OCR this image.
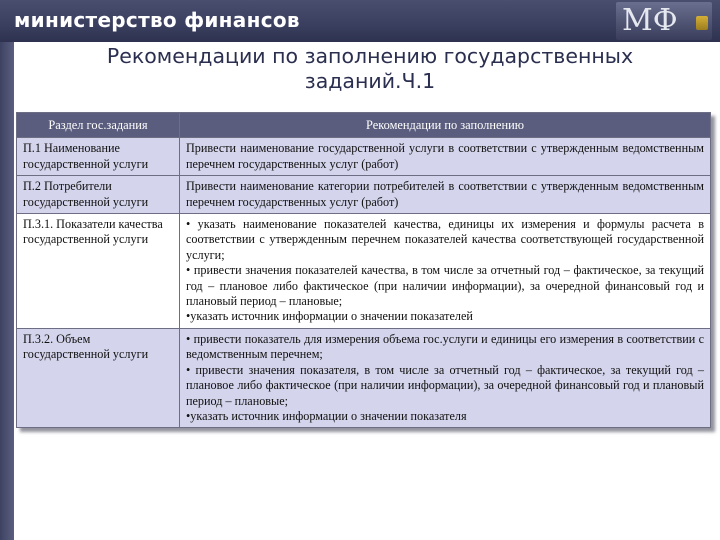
министерство финансов	МФ
Рекомендации по заполнению государственных заданий.Ч.1
Раздел гос.задания	Рекомендации по заполнению
П.1 Наименование государственной услуги	Привести наименование государственной услуги в соответствии с утвержденным ведомственным перечнем государственных услуг (работ)

П.2 Потребители государственной услуги	Привести наименование категории потребителей в соответствии с утвержденным ведомственным перечнем государственных услуг (работ)

П.3.1. Показатели качества государственной услуги	• указать наименование показателей качества, единицы их измерения и формулы расчета в соответствии с утвержденным перечнем показателей качества соответствующей государственной услуги;
• привести значения показателей качества, в том числе за отчетный год – фактическое, за текущий год – плановое либо фактическое (при наличии информации), за очередной финансовый год и плановый период – плановые;
•указать источник информации о значении показателей

П.3.2. Объем государственной услуги	• привести показатель для измерения объема гос.услуги и единицы его измерения в соответствии с ведомственным перечнем;
• привести значения показателя, в том числе за отчетный год – фактическое, за текущий год – плановое либо фактическое (при наличии информации), за очередной финансовый год и плановый период – плановые;
•указать источник информации о значении показателя
